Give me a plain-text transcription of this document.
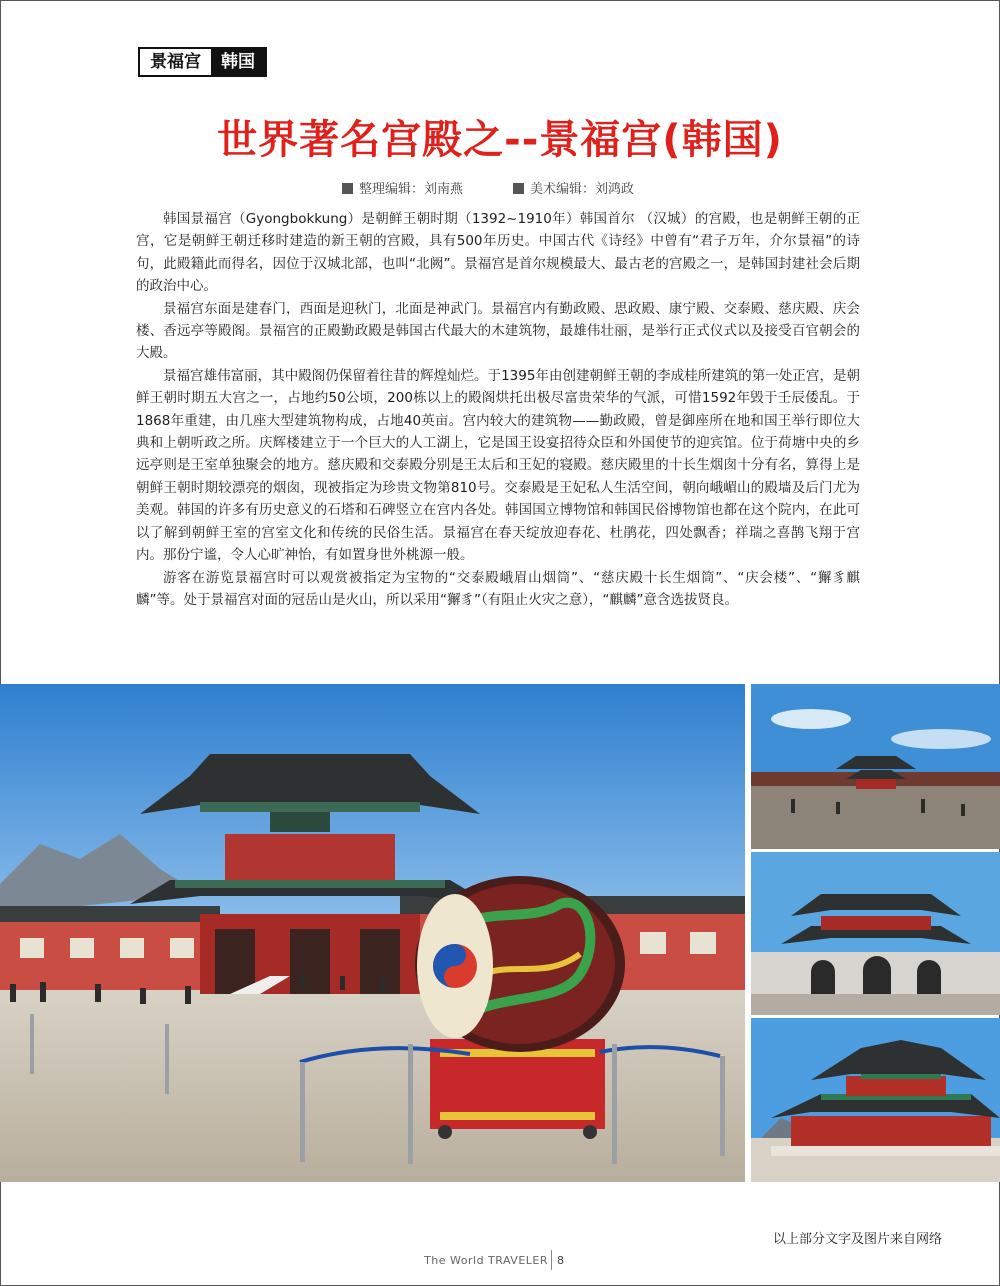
景福宫	韩国
世界著名宫殿之--景福宫(韩国)
整理编辑：刘南燕	美术编辑：刘鸿政

韩国景福宫（Gyongbokkung）是朝鲜王朝时期（1392~1910年）韩国首尔 （汉城）的宫殿，也是朝鲜王朝的正宫，它是朝鲜王朝迁移时建造的新王朝的宫殿，具有500年历史。中国古代《诗经》中曾有“君子万年，介尔景福”的诗句，此殿籍此而得名，因位于汉城北部，也叫“北阙”。景福宫是首尔规模最大、最古老的宫殿之一，是韩国封建社会后期的政治中心。

景福宫东面是建春门，西面是迎秋门，北面是神武门。景福宫内有勤政殿、思政殿、康宁殿、交泰殿、慈庆殿、庆会楼、香远亭等殿阁。景福宫的正殿勤政殿是韩国古代最大的木建筑物，最雄伟壮丽，是举行正式仪式以及接受百官朝会的大殿。

景福宫雄伟富丽，其中殿阁仍保留着往昔的辉煌灿烂。于1395年由创建朝鲜王朝的李成桂所建筑的第一处正宫，是朝鲜王朝时期五大宫之一，占地约50公顷，200栋以上的殿阁烘托出极尽富贵荣华的气派，可惜1592年毁于壬辰倭乱。于1868年重建，由几座大型建筑物构成，占地40英亩。宫内较大的建筑物——勤政殿，曾是御座所在地和国王举行即位大典和上朝听政之所。庆辉楼建立于一个巨大的人工湖上，它是国王设宴招待众臣和外国使节的迎宾馆。位于荷塘中央的乡远亭则是王室单独聚会的地方。慈庆殿和交泰殿分别是王太后和王妃的寝殿。慈庆殿里的十长生烟囱十分有名，算得上是朝鲜王朝时期较漂亮的烟囱，现被指定为珍贵文物第810号。交泰殿是王妃私人生活空间，朝向峨嵋山的殿墙及后门尤为美观。韩国的许多有历史意义的石塔和石碑竖立在宫内各处。韩国国立博物馆和韩国民俗博物馆也都在这个院内，在此可以了解到朝鲜王室的宫室文化和传统的民俗生活。景福宫在春天绽放迎春花、杜鹃花，四处飘香；祥瑞之喜鹊飞翔于宫内。那份宁谧，令人心旷神怡，有如置身世外桃源一般。

游客在游览景福宫时可以观赏被指定为宝物的“交泰殿峨眉山烟筒”、“慈庆殿十长生烟筒”、“庆会楼”、“獬豸麒麟”等。处于景福宫对面的冠岳山是火山，所以采用“獬豸”（有阻止火灾之意），“麒麟”意含选拔贤良。

以上部分文字及图片来自网络
The World TRAVELER 8
